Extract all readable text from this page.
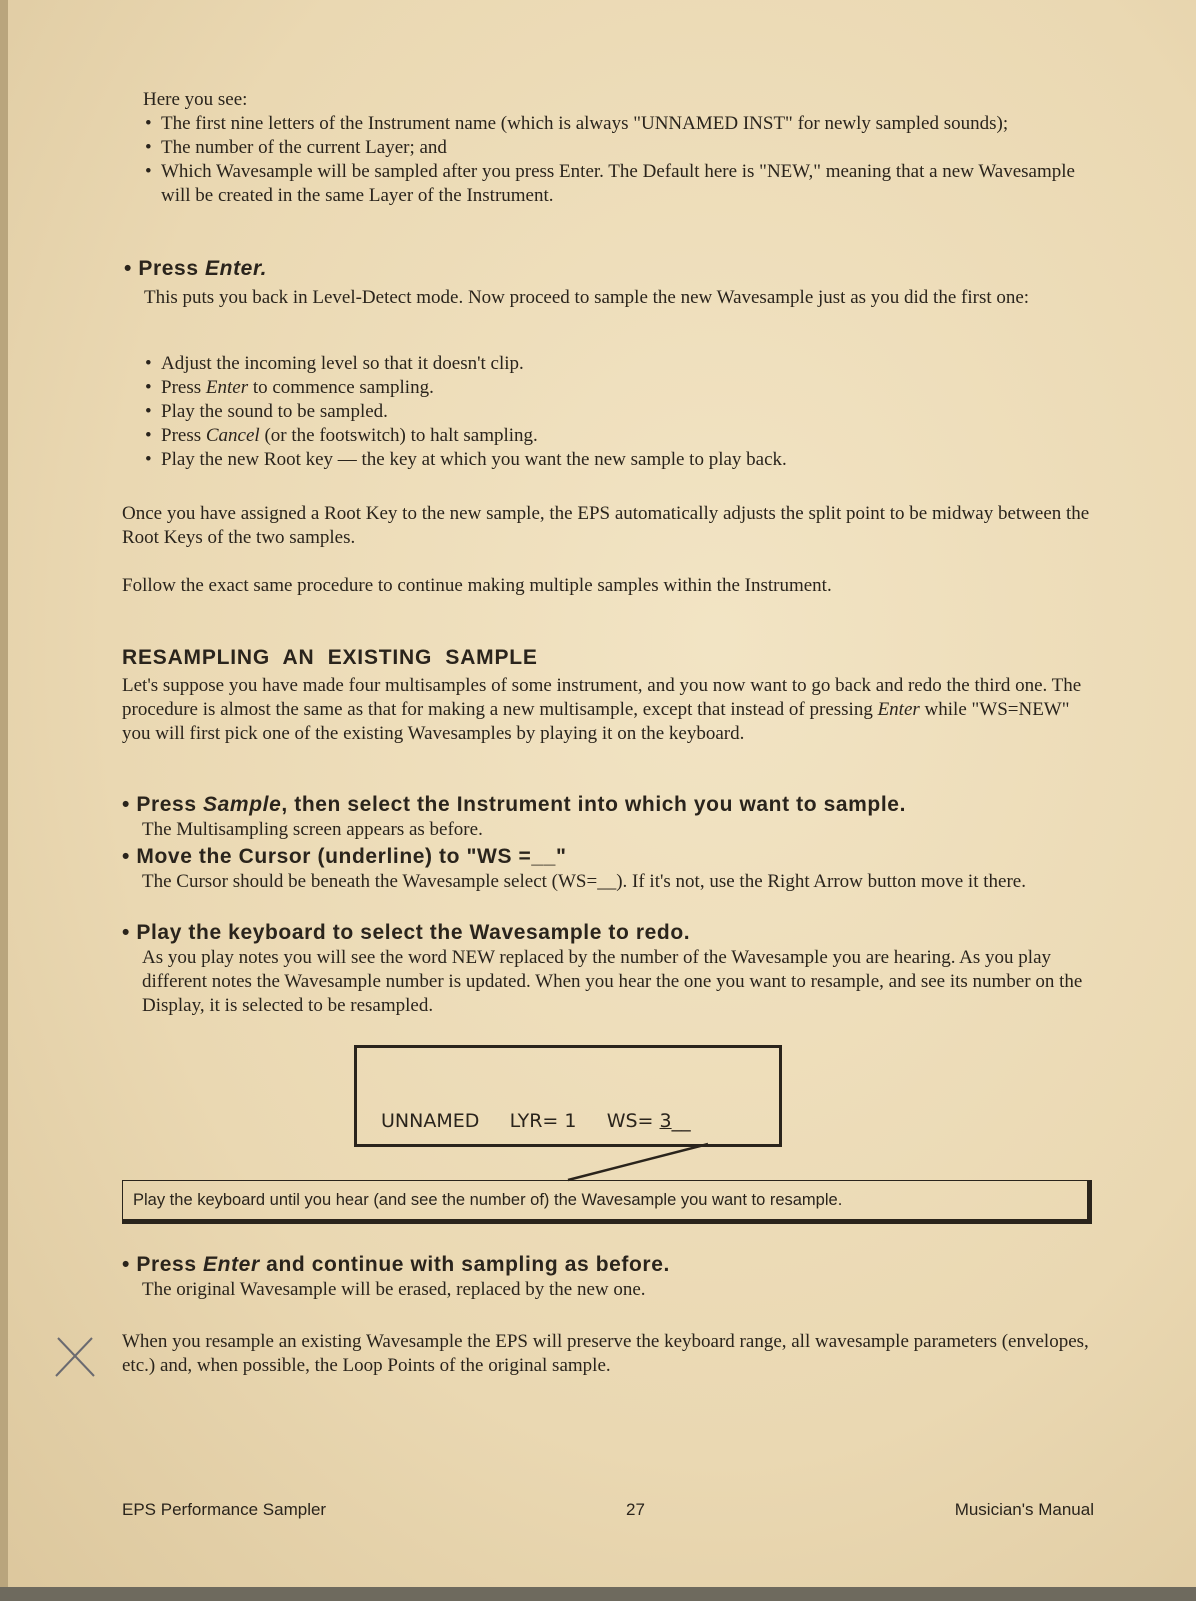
Here you see:
• The first nine letters of the Instrument name (which is always "UNNAMED INST" for newly sampled sounds);
• The number of the current Layer; and
• Which Wavesample will be sampled after you press Enter. The Default here is "NEW," meaning that a new Wavesample will be created in the same Layer of the Instrument.
• Press Enter.
This puts you back in Level-Detect mode. Now proceed to sample the new Wavesample just as you did the first one:
• Adjust the incoming level so that it doesn't clip.
• Press Enter to commence sampling.
• Play the sound to be sampled.
• Press Cancel (or the footswitch) to halt sampling.
• Play the new Root key — the key at which you want the new sample to play back.
Once you have assigned a Root Key to the new sample, the EPS automatically adjusts the split point to be midway between the Root Keys of the two samples.
Follow the exact same procedure to continue making multiple samples within the Instrument.
RESAMPLING  AN  EXISTING  SAMPLE
Let's suppose you have made four multisamples of some instrument, and you now want to go back and redo the third one. The procedure is almost the same as that for making a new multisample, except that instead of pressing Enter while "WS=NEW" you will first pick one of the existing Wavesamples by playing it on the keyboard.
• Press Sample, then select the Instrument into which you want to sample.
The Multisampling screen appears as before.
• Move the Cursor (underline) to "WS =__"
The Cursor should be beneath the Wavesample select (WS=__). If it's not, use the Right Arrow button move it there.
• Play the keyboard to select the Wavesample to redo.
As you play notes you will see the word NEW replaced by the number of the Wavesample you are hearing. As you play different notes the Wavesample number is updated. When you hear the one you want to resample, and see its number on the Display, it is selected to be resampled.
UNNAMED LYR= 1 WS= 3__
Play the keyboard until you hear (and see the number of) the Wavesample you want to resample.
• Press Enter and continue with sampling as before.
The original Wavesample will be erased, replaced by the new one.
When you resample an existing Wavesample the EPS will preserve the keyboard range, all wavesample parameters (envelopes, etc.) and, when possible, the Loop Points of the original sample.
EPS Performance Sampler	27	Musician's Manual
